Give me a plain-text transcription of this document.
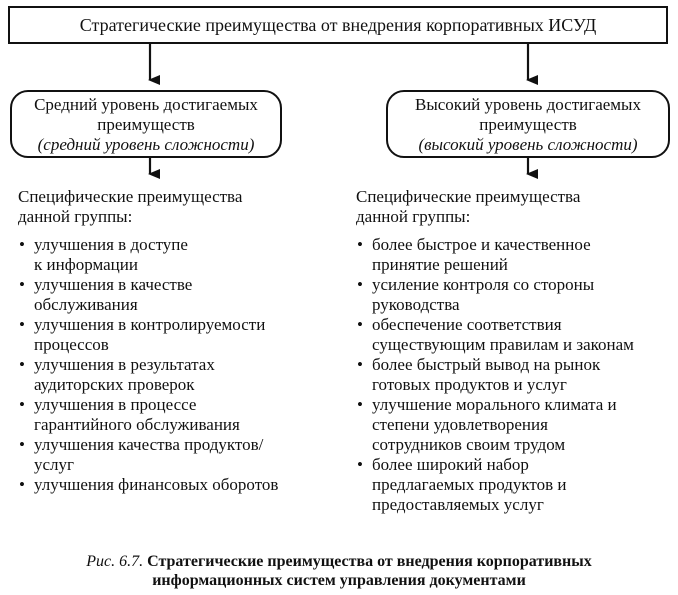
Стратегические преимущества от внедрения корпоративных ИСУД
Средний уровень достигаемых
преимуществ
(средний уровень сложности)
Высокий уровень достигаемых
преимуществ
(высокий уровень сложности)
Специфические преимущества
данной группы:
• улучшения в доступе
к информации
• улучшения в качестве
обслуживания
• улучшения в контролируемости
процессов
• улучшения в результатах
аудиторских проверок
• улучшения в процессе
гарантийного обслуживания
• улучшения качества продуктов/
услуг
• улучшения финансовых оборотов
Специфические преимущества
данной группы:
• более быстрое и качественное
принятие решений
• усиление контроля со стороны
руководства
• обеспечение соответствия
существующим правилам и законам
• более быстрый вывод на рынок
готовых продуктов и услуг
• улучшение морального климата и
степени удовлетворения
сотрудников своим трудом
• более широкий набор
предлагаемых продуктов и
предоставляемых услуг
Рис. 6.7. Стратегические преимущества от внедрения корпоративных
информационных систем управления документами
